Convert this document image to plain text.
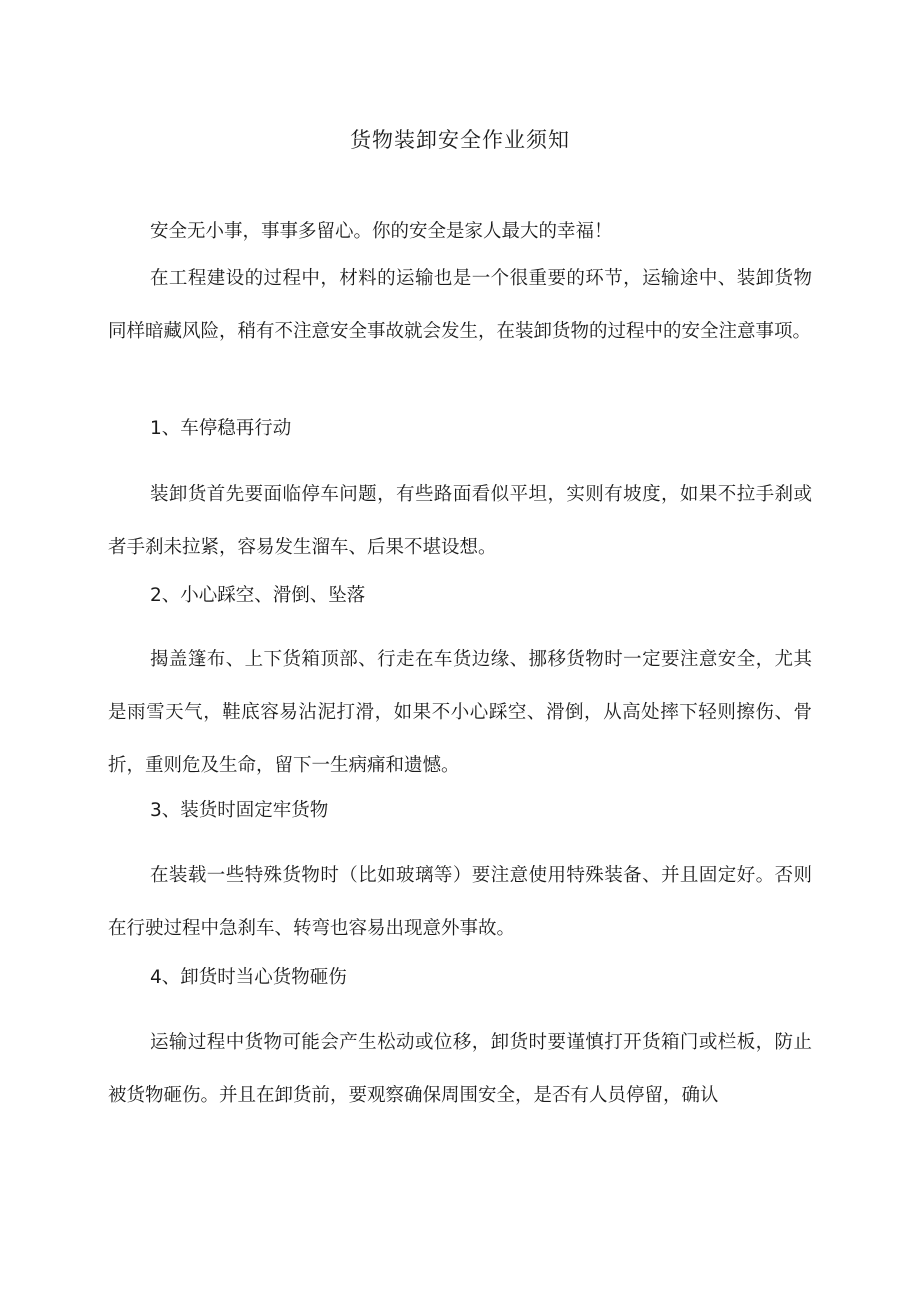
货物装卸安全作业须知
安全无小事，事事多留心。你的安全是家人最大的幸福！
在工程建设的过程中，材料的运输也是一个很重要的环节，运输途中、装卸货物同样暗藏风险，稍有不注意安全事故就会发生，在装卸货物的过程中的安全注意事项。
1、车停稳再行动
装卸货首先要面临停车问题，有些路面看似平坦，实则有坡度，如果不拉手刹或者手刹未拉紧，容易发生溜车、后果不堪设想。
2、小心踩空、滑倒、坠落
揭盖篷布、上下货箱顶部、行走在车货边缘、挪移货物时一定要注意安全，尤其是雨雪天气，鞋底容易沾泥打滑，如果不小心踩空、滑倒，从高处摔下轻则擦伤、骨折，重则危及生命，留下一生病痛和遗憾。
3、装货时固定牢货物
在装载一些特殊货物时（比如玻璃等）要注意使用特殊装备、并且固定好。否则在行驶过程中急刹车、转弯也容易出现意外事故。
4、卸货时当心货物砸伤
运输过程中货物可能会产生松动或位移，卸货时要谨慎打开货箱门或栏板，防止被货物砸伤。并且在卸货前，要观察确保周围安全，是否有人员停留，确认
